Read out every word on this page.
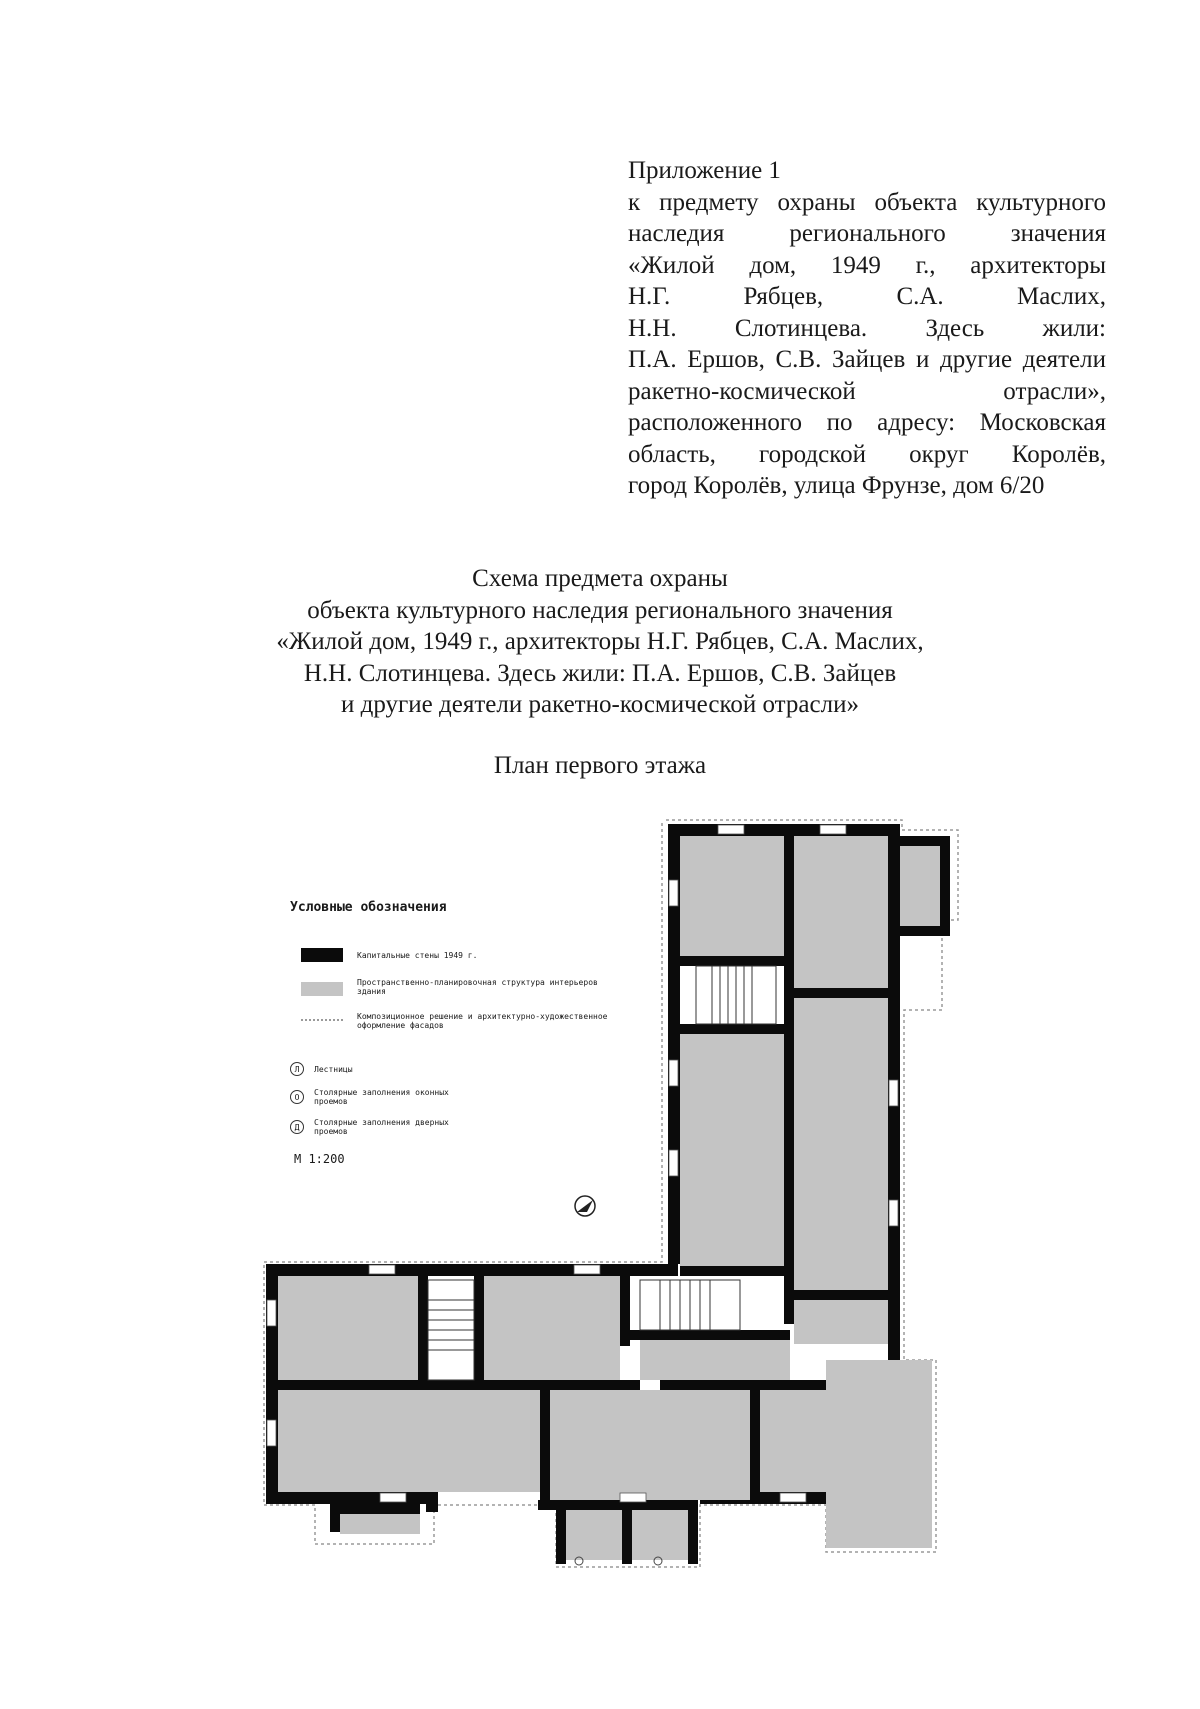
Приложение 1
к предмету охраны объекта культурного
наследия регионального значения
«Жилой дом, 1949 г., архитекторы
Н.Г. Рябцев, С.А. Маслих,
Н.Н. Слотинцева. Здесь жили:
П.А. Ершов, С.В. Зайцев и другие деятели
ракетно-космической отрасли»,
расположенного по адресу: Московская
область, городской округ Королёв,
город Королёв, улица Фрунзе, дом 6/20
Схема предмета охраны
объекта культурного наследия регионального значения
«Жилой дом, 1949 г., архитекторы Н.Г. Рябцев, С.А. Маслих,
Н.Н. Слотинцева. Здесь жили: П.А. Ершов, С.В. Зайцев
и другие деятели ракетно-космической отрасли»
План первого этажа
Условные обозначения
Капитальные стены 1949 г.
Пространственно-планировочная структура интерьеров здания
Композиционное решение и архитектурно-художественное оформление фасадов
Л	Лестницы
О
Столярные заполнения оконных проемов
Д
Столярные заполнения дверных проемов
М 1:200
